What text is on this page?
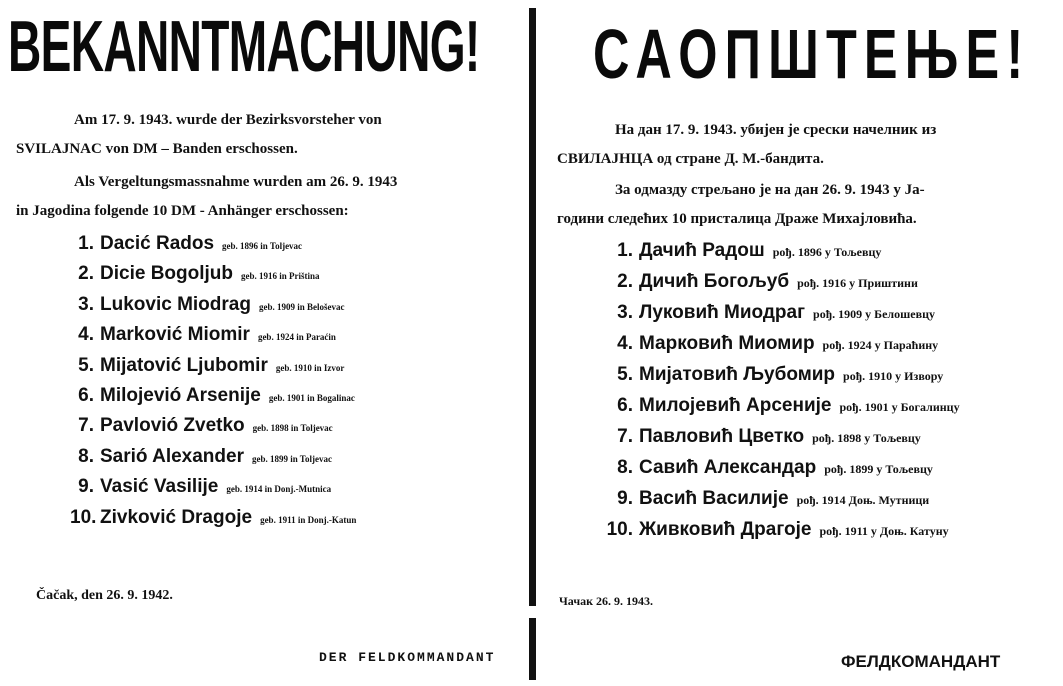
BEKANNTMACHUNG!

Am 17. 9. 1943. wurde der Bezirksvorsteher von
SVILAJNAC von DM – Banden erschossen.

Als Vergeltungsmassnahme wurden am 26. 9. 1943
in Jagodina folgende 10 DM - Anhänger erschossen:

1. Dacić Rados geb. 1896 in Toljevac
2. Dicie Bogoljub geb. 1916 in Priština
3. Lukovic Miodrag geb. 1909 in Beloševac
4. Marković Miomir geb. 1924 in Paraćin
5. Mijatović Ljubomir geb. 1910 in Izvor
6. Milojevió Arsenije geb. 1901 in Bogalinac
7. Pavlovió Zvetko geb. 1898 in Toljevac
8. Sarió Alexander geb. 1899 in Toljevac
9. Vasić Vasilije geb. 1914 in Donj.-Mutnica
10. Zivković Dragoje geb. 1911 in Donj.-Katun

Čačak, den 26. 9. 1942.

DER FELDKOMMANDANT

САОПШТЕЊЕ!

На дан 17. 9. 1943. убијен је срески начелник из
СВИЛАЈНЦА од стране Д. М.-бандита.

За одмазду стрељано је на дан 26. 9. 1943 у Ја-
години следећих 10 присталица Драже Михајловића.

1. Дачић Радош рођ. 1896 у Тољевцу
2. Дичић Богољуб рођ. 1916 у Приштини
3. Луковић Миодраг рођ. 1909 у Белошевцу
4. Марковић Миомир рођ. 1924 у Параћину
5. Мијатовић Љубомир рођ. 1910 у Извору
6. Милојевић Арсеније рођ. 1901 у Богалинцу
7. Павловић Цветко рођ. 1898 у Тољевцу
8. Савић Александар рођ. 1899 у Тољевцу
9. Васић Василије рођ. 1914 Доњ. Мутници
10. Живковић Драгоје рођ. 1911 у Доњ. Катуну

Чачак 26. 9. 1943.

ФЕЛДКОМАНДАНТ
